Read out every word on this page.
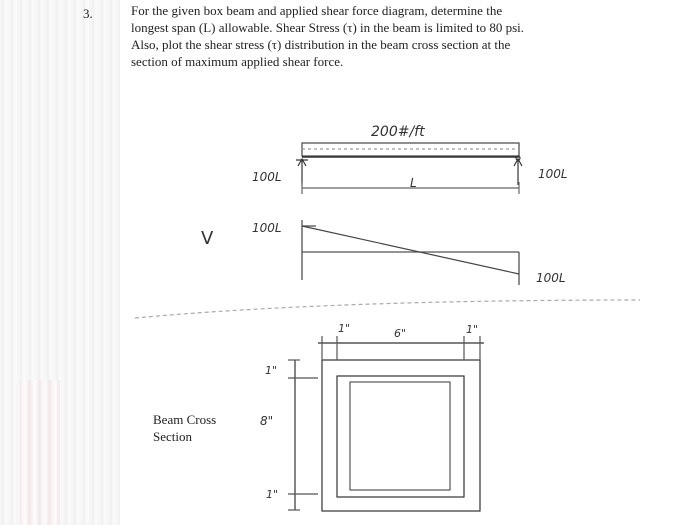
3.	For the given box beam and applied shear force diagram, determine the
longest span (L) allowable. Shear Stress (τ) in the beam is limited to 80 psi.
Also, plot the shear stress (τ) distribution in the beam cross section at the
section of maximum applied shear force.
200#/ft
100L	100L
L
V	100L
100L
1"	6"	1"
1"
8"
1"
Beam Cross
Section
